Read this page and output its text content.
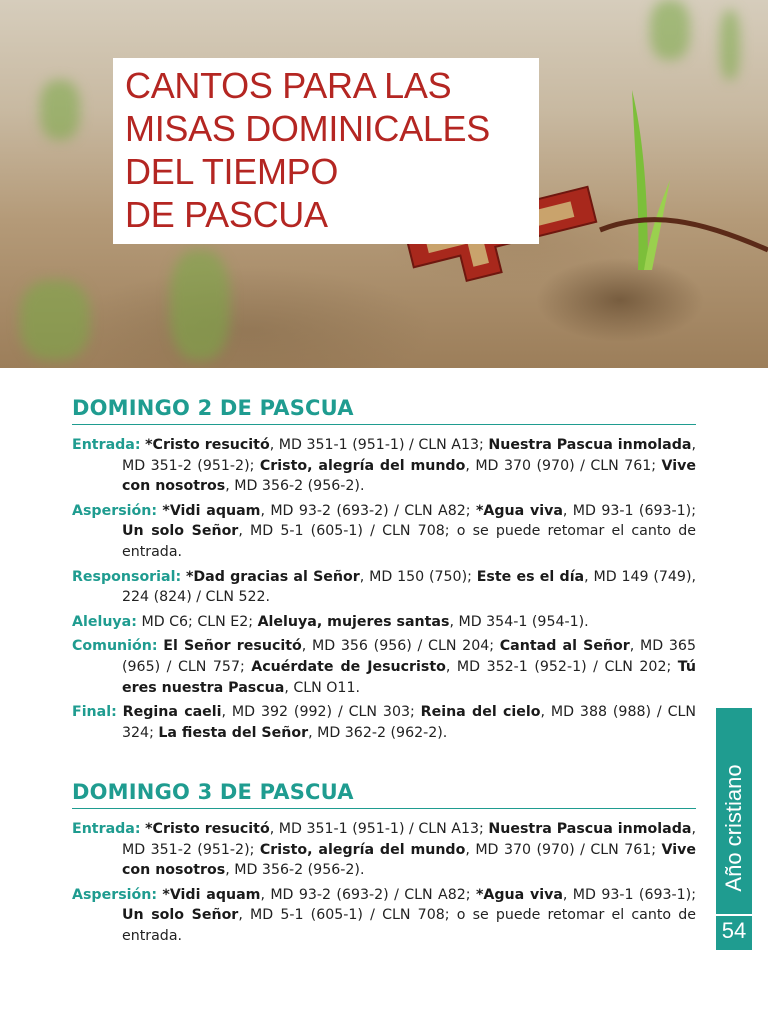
CANTOS PARA LAS
MISAS DOMINICALES
DEL TIEMPO
DE PASCUA
DOMINGO 2 DE PASCUA
Entrada: *Cristo resucitó, MD 351-1 (951-1) / CLN A13; Nuestra Pascua inmolada, MD 351-2 (951-2); Cristo, alegría del mundo, MD 370 (970) / CLN 761; Vive con nosotros, MD 356-2 (956-2).
Aspersión: *Vidi aquam, MD 93-2 (693-2) / CLN A82; *Agua viva, MD 93-1 (693-1); Un solo Señor, MD 5-1 (605-1) / CLN 708; o se puede retomar el canto de entrada.
Responsorial: *Dad gracias al Señor, MD 150 (750); Este es el día, MD 149 (749), 224 (824) / CLN 522.
Aleluya: MD C6; CLN E2; Aleluya, mujeres santas, MD 354-1 (954-1).
Comunión: El Señor resucitó, MD 356 (956) / CLN 204; Cantad al Señor, MD 365 (965) / CLN 757; Acuérdate de Jesucristo, MD 352-1 (952-1) / CLN 202; Tú eres nuestra Pascua, CLN O11.
Final: Regina caeli, MD 392 (992) / CLN 303; Reina del cielo, MD 388 (988) / CLN 324; La fiesta del Señor, MD 362-2 (962-2).
DOMINGO 3 DE PASCUA
Entrada: *Cristo resucitó, MD 351-1 (951-1) / CLN A13; Nuestra Pascua inmolada, MD 351-2 (951-2); Cristo, alegría del mundo, MD 370 (970) / CLN 761; Vive con nosotros, MD 356-2 (956-2).
Aspersión: *Vidi aquam, MD 93-2 (693-2) / CLN A82; *Agua viva, MD 93-1 (693-1); Un solo Señor, MD 5-1 (605-1) / CLN 708; o se puede retomar el canto de entrada.
Año cristiano
54
